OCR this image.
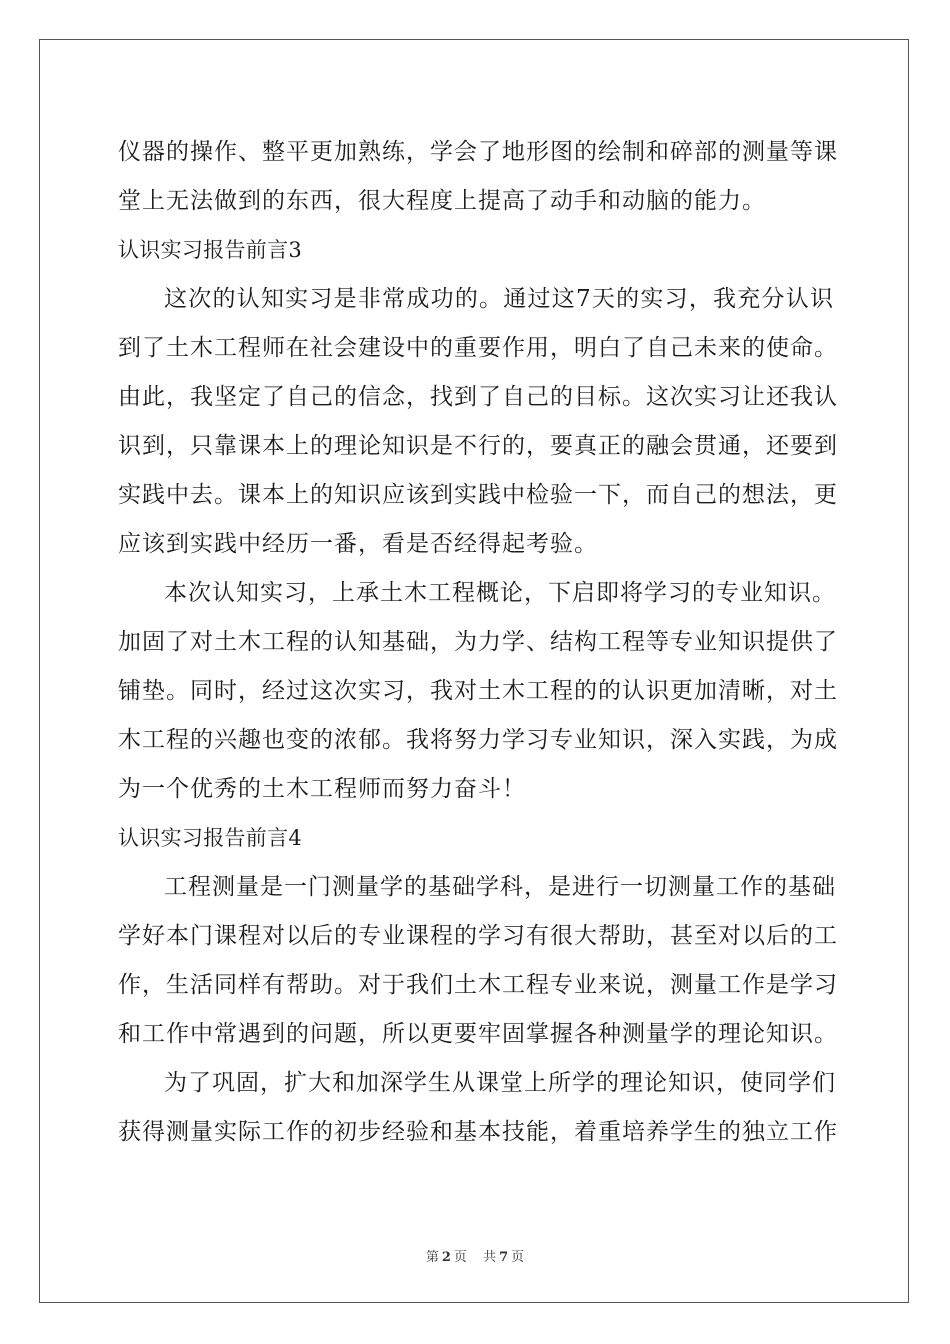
仪器的操作、整平更加熟练，学会了地形图的绘制和碎部的测量等课
堂上无法做到的东西，很大程度上提高了动手和动脑的能力。
认识实习报告前言3
这次的认知实习是非常成功的。通过这7天的实习，我充分认识
到了土木工程师在社会建设中的重要作用，明白了自己未来的使命。
由此，我坚定了自己的信念，找到了自己的目标。这次实习让还我认
识到，只靠课本上的理论知识是不行的，要真正的融会贯通，还要到
实践中去。课本上的知识应该到实践中检验一下，而自己的想法，更
应该到实践中经历一番，看是否经得起考验。
本次认知实习，上承土木工程概论，下启即将学习的专业知识。
加固了对土木工程的认知基础，为力学、结构工程等专业知识提供了
铺垫。同时，经过这次实习，我对土木工程的的认识更加清晰，对土
木工程的兴趣也变的浓郁。我将努力学习专业知识，深入实践，为成
为一个优秀的土木工程师而努力奋斗！
认识实习报告前言4
工程测量是一门测量学的基础学科，是进行一切测量工作的基础
学好本门课程对以后的专业课程的学习有很大帮助，甚至对以后的工
作，生活同样有帮助。对于我们土木工程专业来说，测量工作是学习
和工作中常遇到的问题，所以更要牢固掌握各种测量学的理论知识。
为了巩固，扩大和加深学生从课堂上所学的理论知识，使同学们
获得测量实际工作的初步经验和基本技能，着重培养学生的独立工作
第 2 页 共 7 页
